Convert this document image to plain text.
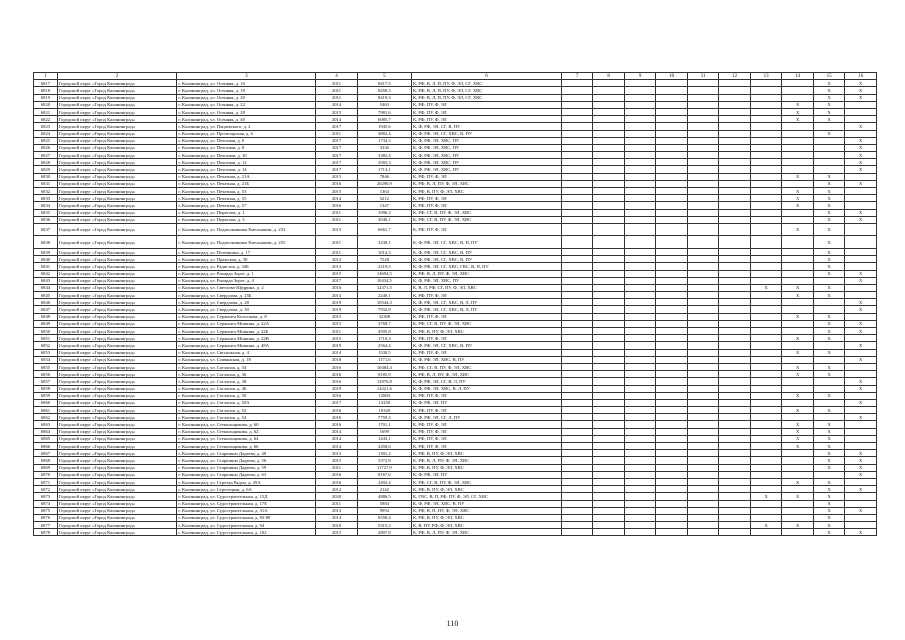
1	2	3	4	5	6	7	8	9	10	11	12	13	14	15	16
6817	Городской округ «Город Калининград»	г. Калининград, ул. Осенняя, д. 16	2011	8417,5	К, РФ, В, Л, П, ПУ, Ф, ЭЛ, СГ, ХВС									X	X
6818	Городской округ «Город Калининград»	г. Калининград, ул. Осенняя, д. 18	2011	8458,5	К, РФ, В, Л, П, ПУ, Ф, ЭЛ, СГ, ХВС									X	X
6819	Городской округ «Город Калининград»	г. Калининград, ул. Осенняя, д. 20	2011	8419,3	К, РФ, В, Л, П, ПУ, Ф, ЭЛ, СГ, ХВС									X	X
6820	Городской округ «Город Калининград»	г. Калининград, ул. Осенняя, д. 22	2014	5463	К, РФ, ПУ, Ф, ЭЛ								X	X	
6821	Городской округ «Город Калининград»	г. Калининград, ул. Осенняя, д. 28	2015	7981,6	К, РФ, ПУ, Ф, ЭЛ								X	X	
6822	Городской округ «Город Калининград»	г. Калининград, ул. Осенняя, д. 40	2014	6085,7	К, РФ, ПУ, Ф, ЭЛ								X	X	
6823	Городской округ «Город Калининград»	г. Калининград, ул. Пацаевского, д. 2	2017	1945,6	К, Ф, РФ, ЭЛ, СГ, В, ПУ										X
6824	Городской округ «Город Калининград»	г. Калининград, ул. Пролетарская, д. 6	2011	4882,4	К, Ф, РФ, ЭЛ, СГ, ХВС, В, ПУ									X	
6825	Городской округ «Город Калининград»	г. Калининград, ул. Пехотная, д. 6	2017	1734,3	К, Ф, РФ, ЭЛ, ХВС, ПУ										X
6826	Городской округ «Город Калининград»	г. Калининград, ул. Пехотная, д. 8	2017	3330	К, Ф, РФ, ЭЛ, ХВС, ПУ										X
6827	Городской округ «Город Калининград»	г. Калининград, ул. Пехотная, д. 10	2017	3382,4	К, Ф, РФ, ЭЛ, ХВС, ПУ										X
6828	Городской округ «Город Калининград»	г. Калининград, ул. Пехотная, д. 12	2017	3583,3	К, Ф, РФ, ЭЛ, ХВС, ПУ										X
6829	Городской округ «Город Калининград»	г. Калининград, ул. Пехотная, д. 14	2017	1713,1	К, Ф, РФ, ЭЛ, ХВС, ПУ										X
6830	Городской округ «Город Калининград»	г. Калининград, ул. Печатная, д. 21А	2015	7846	К, РФ, ПУ, Ф, ЭЛ								X	X	
6831	Городской округ «Город Калининград»	г. Калининград, ул. Печатная, д. 21Б	2016	20296,9	К, РФ, В, Л, ПУ, Ф, ЭЛ, ХВС									X	X
6832	Городской округ «Город Калининград»	г. Калининград, ул. Печатная, д. 53	2015	1364	К, РФ, В, ПУ, Ф, ЭЛ, ХВС								X	X	
6833	Городской округ «Город Калининград»	г. Калининград, ул. Печатная, д. 55	2014	5212	К, РФ, ПУ, Ф, ЭЛ								X	X	
6834	Городской округ «Город Калининград»	г. Калининград, ул. Печатная, д. 57	2016	1347	К, РФ, ПУ, Ф, ЭЛ								X	X	
6835	Городской округ «Город Калининград»	г. Калининград, ул. Пирогова, д. 1	2011	1996,3	К, РФ, СГ, В, ПУ, Ф, ЭЛ, ХВС									X	X
6836	Городской округ «Город Калининград»	г. Калининград, ул. Пирогова, д. 3	2011	3040,1	К, РФ, СГ, В, ПУ, Ф, ЭЛ, ХВС									X	X
6837	Городской округ «Город Калининград»	г. Калининград, ул. Подполковника Емельянова, д. 253	2015	6661,7	К, РФ, ПУ, Ф, ЭЛ								X	X	
6838	Городской округ «Город Калининград»	г. Калининград, ул. Подполковника Емельянова, д. 255	2011	3238,1	К, Ф, РФ, ЭЛ, СГ, ХВС, В, П, ПУ									X	
6839	Городской округ «Город Калининград»	г. Калининград, ул. Потемкина, д. 17	2011	1014,3	К, Ф, РФ, ЭЛ, СГ, ХВС, В, ПУ									X	
6840	Городской округ «Город Калининград»	г. Калининград, ул. Пражская, д. 38	2012	7528	К, Ф, РФ, ЭЛ, СГ, ХВС, В, ПУ									X	
6841	Городской округ «Город Калининград»	г. Калининград, ул. Радистов, д. 34Б	2013	2219,5	К, Ф, РФ, ЭЛ, СГ, ХВС, ГВС, В, П, ПУ									X	
6842	Городской округ «Город Калининград»	г. Калининград, ул. Рихарда Зорге, д. 1	2015	14694,5	К, РФ, В, Л, ПУ, Ф, ЭЛ, ХВС									X	X
6843	Городской округ «Город Калининград»	г. Калининград, ул. Рихарда Зорге, д. 4	2017	10434,5	К, Ф, РФ, ЭЛ, ХВС, ПУ										X
6844	Городской округ «Город Калининград»	г. Калининград, ул. Светлова-Щедрина, д. 2	2016	12371,5	К, В, Л, РФ, СГ, ПУ, Ф, ЭЛ, ХВС							X	X	X	
6845	Городской округ «Город Калининград»	г. Калининград, ул. Свердлова, д. 25Б	2014	2240,1	К, РФ, ПУ, Ф, ЭЛ								X	X	
6846	Городской округ «Город Калининград»	г. Калининград, ул. Свердлова, д. 28	2019	10544,3	К, Ф, РФ, ЭЛ, СГ, ХВС, В, Л, ПУ										X
6847	Городской округ «Город Калининград»	г. Калининград, ул. Свердлова, д. 30	2019	7932,8	К, Ф, РФ, ЭЛ, СГ, ХВС, В, Л, ПУ										X
6848	Городской округ «Город Калининград»	г. Калининград, ул. Сержанта Колоскова, д. 8	2015	32308	К, РФ, ПУ, Ф, ЭЛ								X	X	
6849	Городской округ «Город Калининград»	г. Калининград, ул. Сержанта Мишина, д. 22А	2015	3768,7	К, РФ, СГ, В, ПУ, Ф, ЭЛ, ХВС									X	X
6850	Городской округ «Город Калининград»	г. Калининград, ул. Сержанта Мишина, д. 22Б	2011	4595,8	К, РФ, В, ПУ, Ф, ЭЛ, ХВС									X	X
6851	Городской округ «Город Калининград»	г. Калининград, ул. Сержанта Мишина, д. 22В	2015	1710,3	К, РФ, ПУ, Ф, ЭЛ								X	X	
6852	Городской округ «Город Калининград»	г. Калининград, ул. Сержанта Мишина, д. 48А	2019	2564,4	К, Ф, РФ, ЭЛ, СГ, ХВС, В, ПУ										X
6853	Городской округ «Город Калининград»	г. Калининград, ул. Сигнальная, д. 4	2014	1530,5	К, РФ, ПУ, Ф, ЭЛ								X	X	
6854	Городской округ «Город Калининград»	г. Калининград, ул. Славянская, д. 18	2018	1171,6	К, Ф, РФ, ЭЛ, ХВС, В, ПУ										X
6855	Городской округ «Город Калининград»	г. Калининград, ул. Согласия, д. 34	2016	10484,4	К, РФ, СГ, В, ПУ, Ф, ЭЛ, ХВС								X	X	
6856	Городской округ «Город Калининград»	г. Калининград, ул. Согласия, д. 36	2016	8185,9	К, РФ, В, Л, ПУ, Ф, ЭЛ, ХВС								X	X	
6857	Городской округ «Город Калининград»	г. Калининград, ул. Согласия, д. 38	2016	12976,8	К, Ф, РФ, ЭЛ, СГ, В, Л, ПУ										X
6858	Городской округ «Город Калининград»	г. Калининград, ул. Согласия, д. 46	2019	14221,6	К, Ф, РФ, ЭЛ, ХВС, В, Л, ПУ										X
6859	Городской округ «Город Калининград»	г. Калининград, ул. Согласия, д. 50	2016	12803	К, РФ, ПУ, Ф, ЭЛ								X	X	
6860	Городской округ «Город Калининград»	г. Калининград, ул. Согласия, д. 50А	2017	13250	К, Ф, РФ, ЭЛ, ПУ										X
6861	Городской округ «Город Калининград»	г. Калининград, ул. Согласия, д. 52	2016	10320	К, РФ, ПУ, Ф, ЭЛ								X	X	
6862	Городской округ «Город Калининград»	г. Калининград, ул. Согласия, д. 54	2016	7759,3	К, Ф, РФ, ЭЛ, СГ, Л, ПУ										X
6863	Городской округ «Город Калининград»	г. Калининград, ул. Стекольщикова, д. 60	2016	1701,1	К, РФ, ПУ, Ф, ЭЛ								X	X	
6864	Городской округ «Город Калининград»	г. Калининград, ул. Стекольщикова, д. 62	2014	1699	К, РФ, ПУ, Ф, ЭЛ								X	X	
6865	Городской округ «Город Калининград»	г. Калининград, ул. Стекольщикова, д. 64	2014	1443,1	К, РФ, ПУ, Ф, ЭЛ								X	X	
6866	Городской округ «Город Калининград»	г. Калининград, ул. Стекольщикова, д. 66	2014	2458,6	К, РФ, ПУ, Ф, ЭЛ								X	X	
6867	Городской округ «Город Калининград»	г. Калининград, ул. Старшины Дадаева, д. 48	2013	1391,2	К, РФ, В, ПУ, Ф, ЭЛ, ХВС									X	X
6868	Городской округ «Город Калининград»	г. Калининград, ул. Старшины Дадаева, д. 56	2015	5372,8	К, РФ, В, Л, ПУ, Ф, ЭЛ, ХВС									X	X
6869	Городской округ «Город Калининград»	г. Калининград, ул. Старшины Дадаева, д. 59	2011	11727,9	К, РФ, В, ПУ, Ф, ЭЛ, ХВС									X	X
6870	Городской округ «Город Калининград»	г. Калининград, ул. Старшины Дадаева, д. 63	2016	8167,6	К, Ф, РФ, ЭЛ, ПУ										X
6871	Городской округ «Город Калининград»	г. Калининград, ул. Стрелка Рядом, д. 29А	2016	2492,4	К, РФ, СГ, В, ПУ, Ф, ЭЛ, ХВС								X	X	
6872	Городской округ «Город Калининград»	г. Калининград, ул. Стрелецкая, д. 6А	2012	2142	К, РФ, В, ПУ, Ф, ЭЛ, ХВС									X	X
6873	Городской округ «Город Калининград»	г. Калининград, ул. Судостроительная, д. 15Д	2020	4886,5	К, ГВС, В, П, РФ, ПУ, Ф, ЭЛ, СГ, ХВС							X	X	X	
6874	Городской округ «Город Калининград»	г. Калининград, ул. Судостроительная, д. 17Е	2011	5884	К, Ф, РФ, ЭЛ, ХВС, В, ПУ									X	
6875	Городской округ «Город Калининград»	г. Калининград, ул. Судостроительная, д. 31А	2013	9994	К, РФ, В, П, ПУ, Ф, ЭЛ, ХВС									X	X
6876	Городской округ «Город Калининград»	г. Калининград, ул. Судостроительная, д. 83-89	2014	6558,4	К, РФ, В, ПУ, Ф, ЭЛ, ХВС									X	
6877	Городской округ «Город Калининград»	г. Калининград, ул. Судостроительная, д. 94	2010	5315,2	К, В, ПУ, РФ, Ф, ЭЛ, ХВС							X	X	X	
6878	Городской округ «Город Калининград»	г. Калининград, ул. Судостроительная, д. 102	2015	2807,8	К, РФ, В, Л, ПУ, Ф, ЭЛ, ХВС									X	X
110
